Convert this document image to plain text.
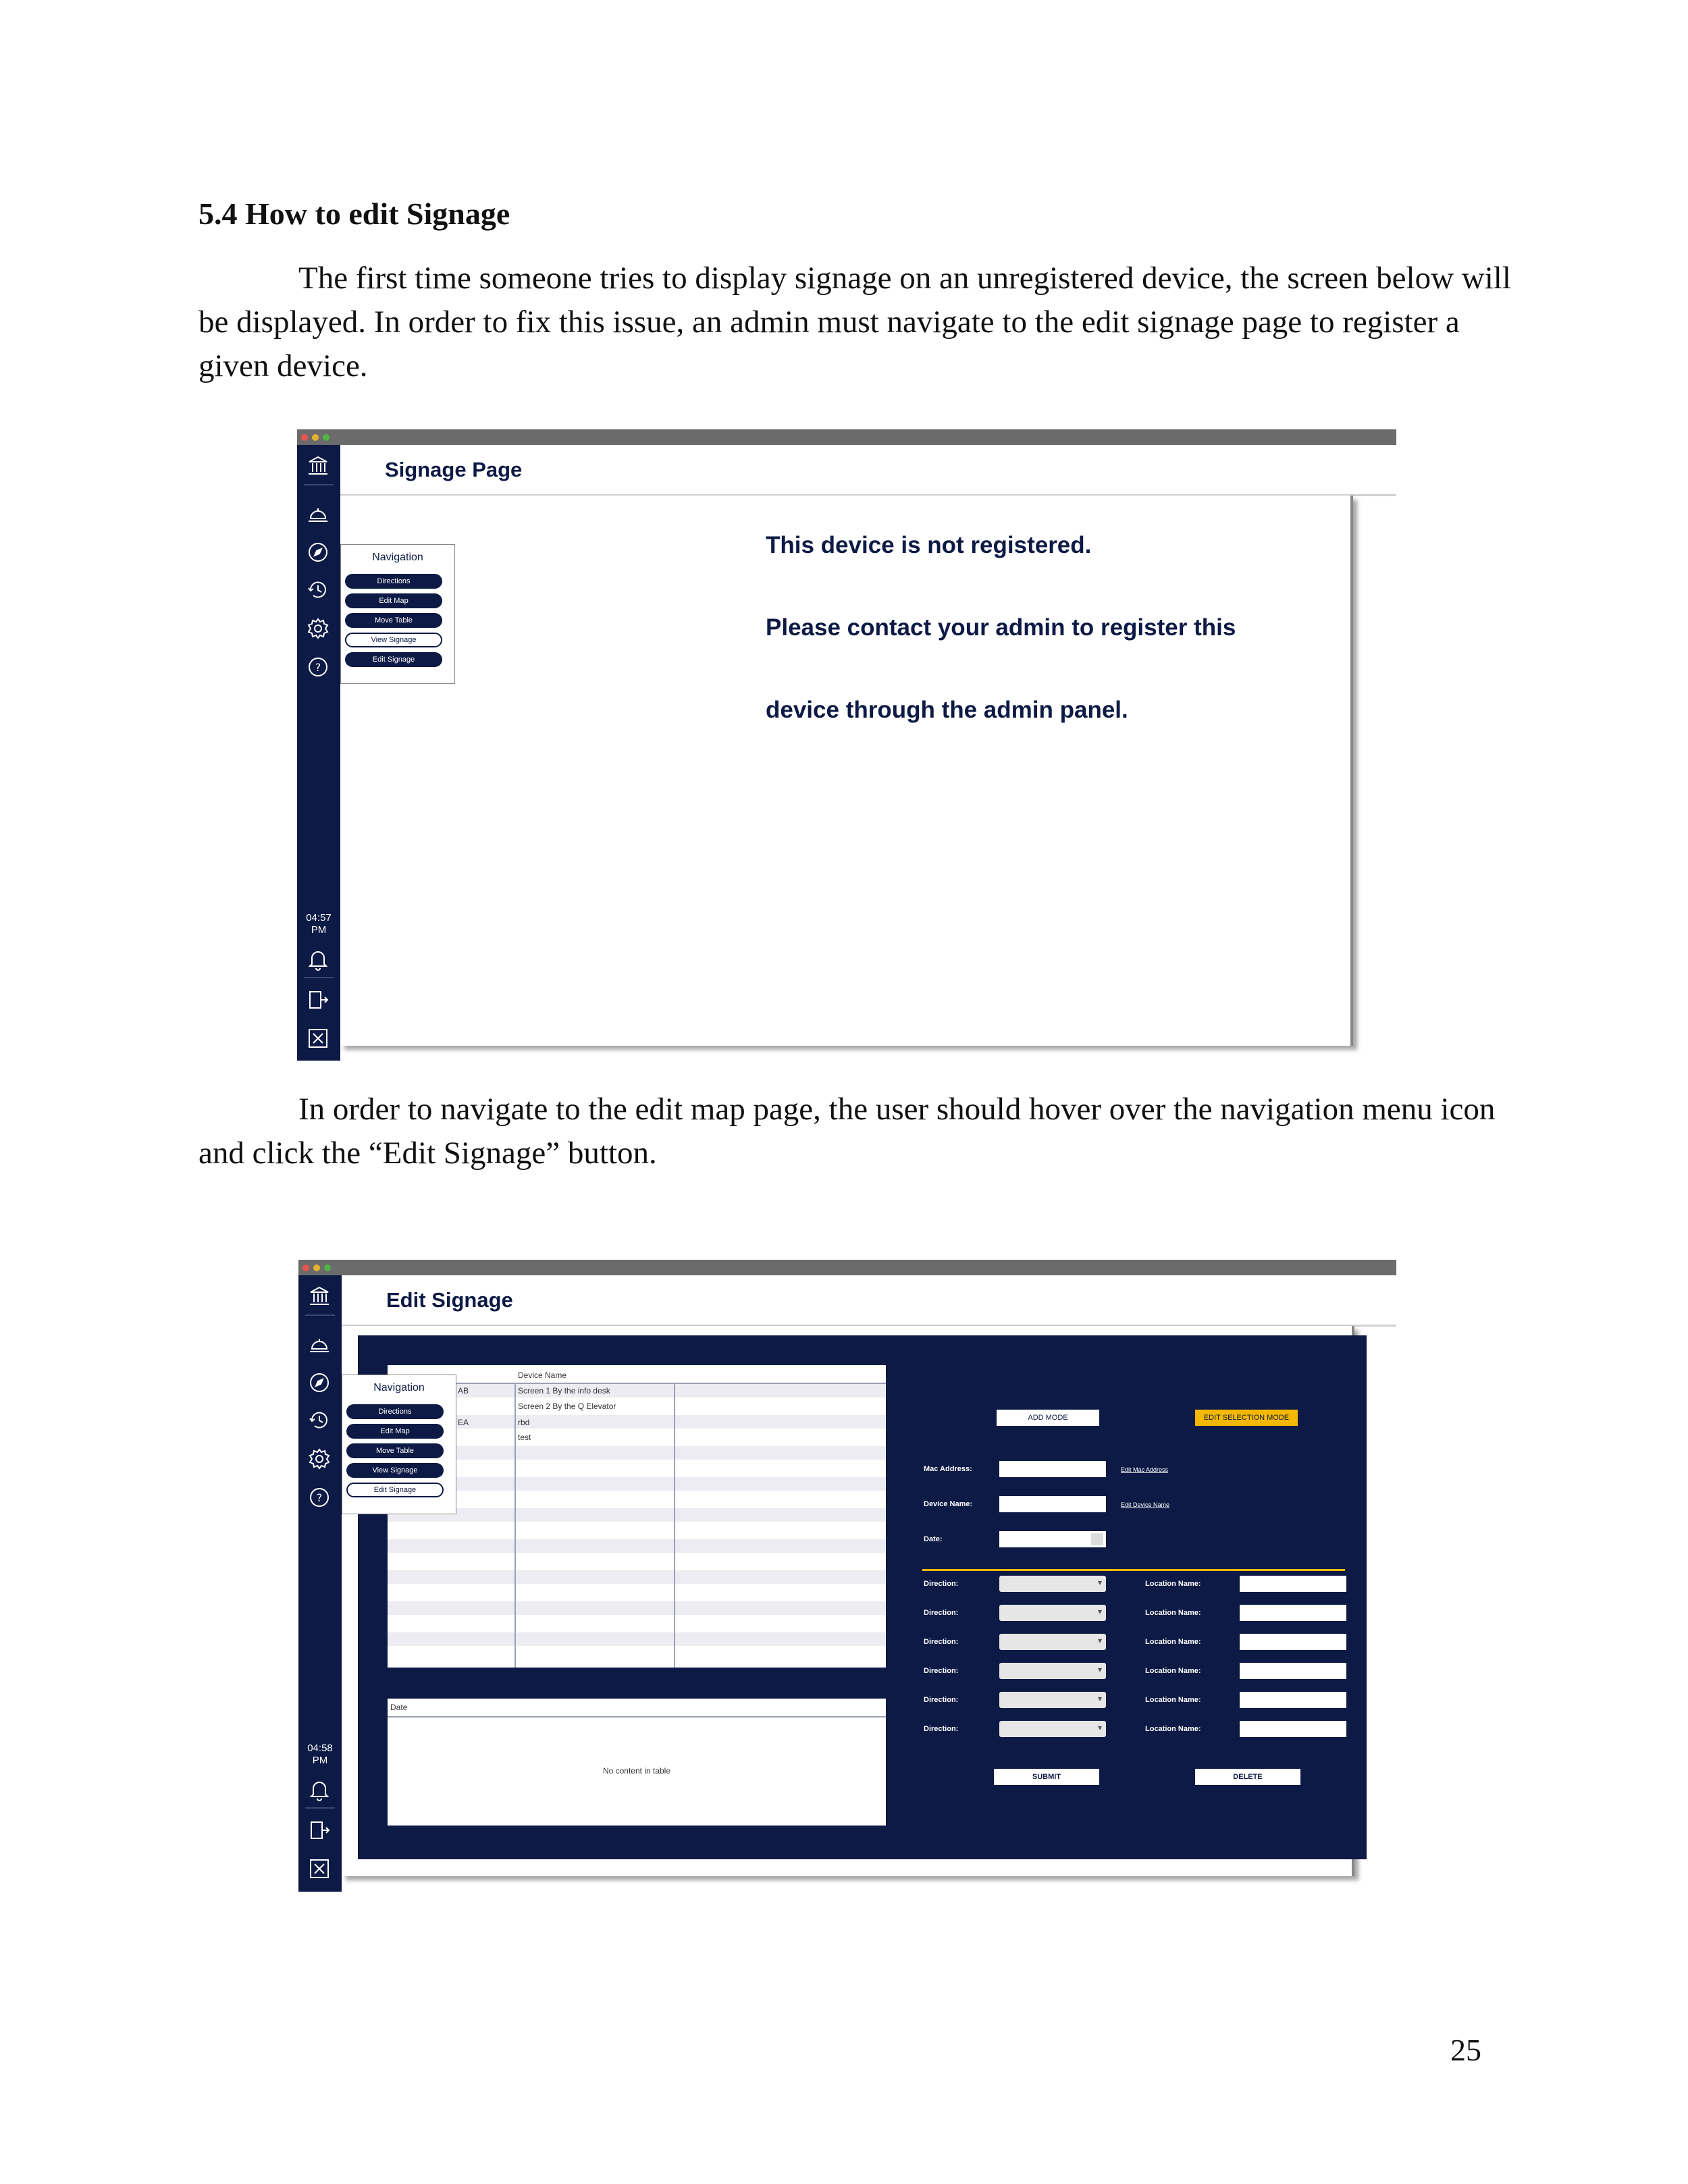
5.4 How to edit Signage
The first time someone tries to display signage on an unregistered device, the screen below will be displayed. In order to fix this issue, an admin must navigate to the edit signage page to register a given device.
?
04:57
PM
Signage Page
This device is not registered.
Please contact your admin to register this
device through the admin panel.
Navigation
Directions
Edit Map
Move Table
View Signage
Edit Signage
In order to navigate to the edit map page, the user should hover over the navigation menu icon and click the “Edit Signage” button.
?
04:58
PM
Edit Signage
Device Name
AB	Screen 1 By the info desk
Screen 2 By the Q Elevator
EA	rbd
test
Date
No content in table
ADD MODE	EDIT SELECTION MODE
Mac Address:	Edit Mac Address
Device Name:	Edit Device Name
Date:
Direction: ▾	Location Name:
Direction: ▾	Location Name:
Direction: ▾	Location Name:
Direction: ▾	Location Name:
Direction: ▾	Location Name:
Direction: ▾	Location Name:
SUBMIT	DELETE
Navigation
Directions
Edit Map
Move Table
View Signage
Edit Signage
25
